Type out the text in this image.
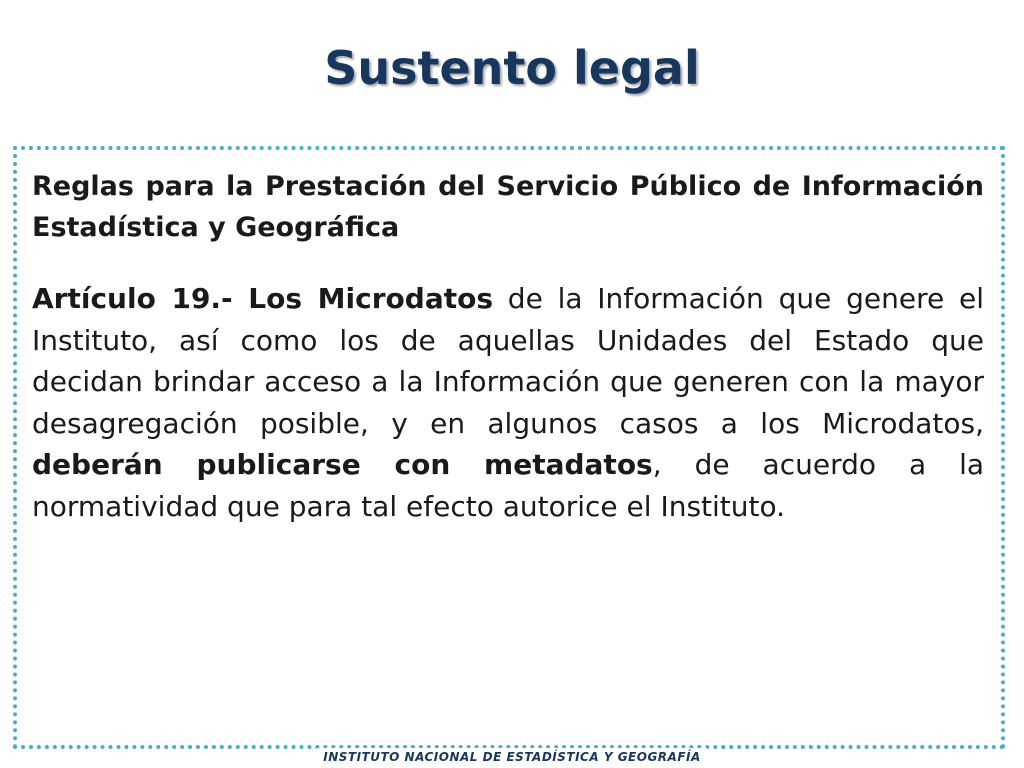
Sustento legal

Reglas para la Prestación del Servicio Público de Información Estadística y Geográfica

Artículo 19.- Los Microdatos de la Información que genere el Instituto, así como los de aquellas Unidades del Estado que decidan brindar acceso a la Información que generen con la mayor desagregación posible, y en algunos casos a los Microdatos, deberán publicarse con metadatos, de acuerdo a la normatividad que para tal efecto autorice el Instituto.

INSTITUTO NACIONAL DE ESTADÍSTICA Y GEOGRAFÍA
